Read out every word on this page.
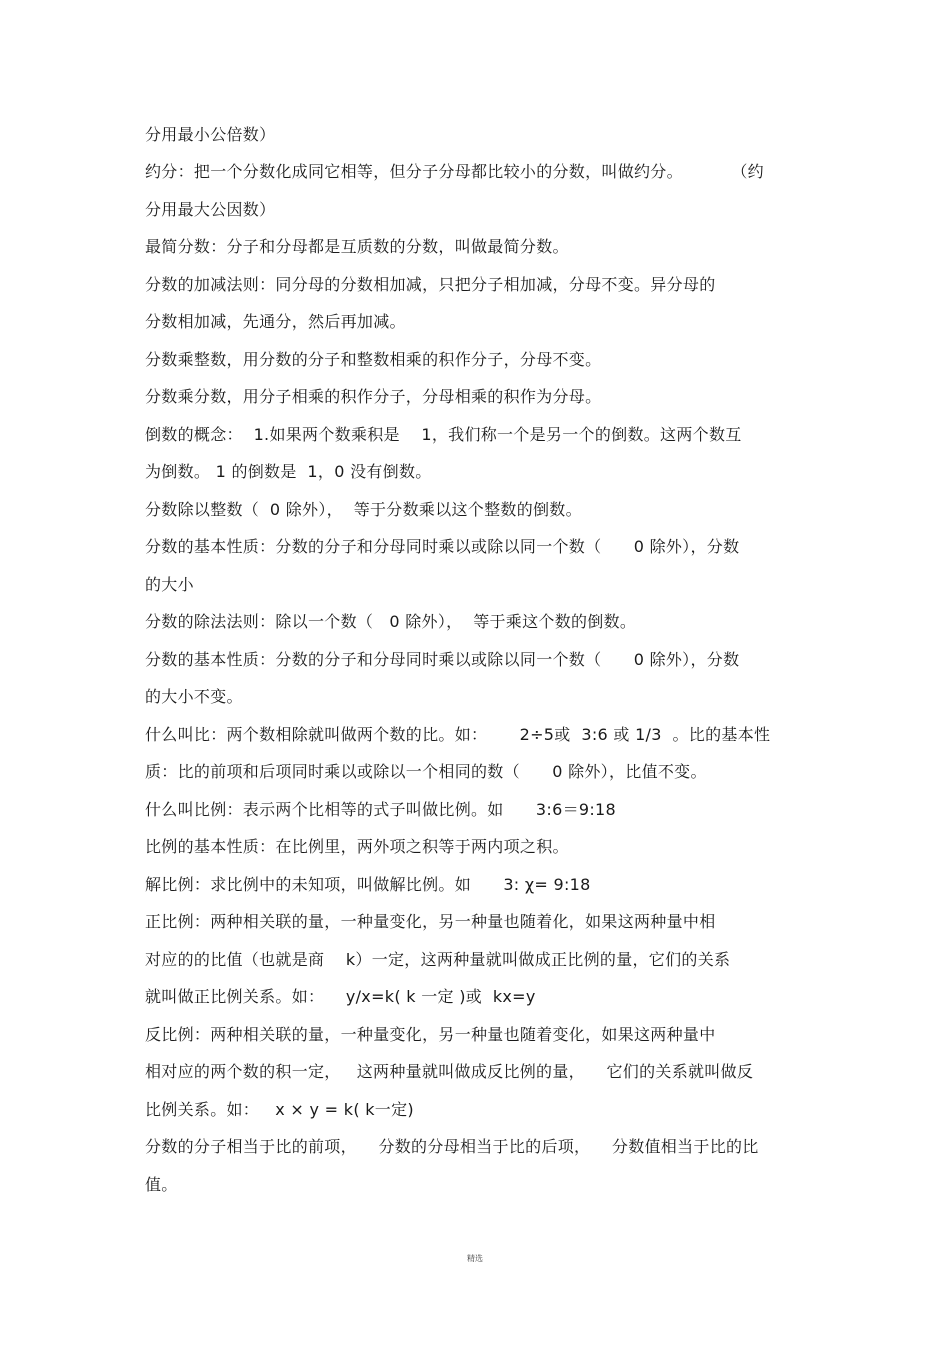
分用最小公倍数）
约分：把一个分数化成同它相等，但分子分母都比较小的分数，叫做约分。         （约
分用最大公因数）
最简分数：分子和分母都是互质数的分数，叫做最简分数。
分数的加减法则：同分母的分数相加减，只把分子相加减，分母不变。异分母的
分数相加减，先通分，然后再加减。
分数乘整数，用分数的分子和整数相乘的积作分子，分母不变。
分数乘分数，用分子相乘的积作分子，分母相乘的积作为分母。
倒数的概念：  1.如果两个数乘积是    1，我们称一个是另一个的倒数。这两个数互
为倒数。 1 的倒数是  1，0 没有倒数。
分数除以整数（  0 除外），  等于分数乘以这个整数的倒数。
分数的基本性质：分数的分子和分母同时乘以或除以同一个数（      0 除外），分数
的大小
分数的除法法则：除以一个数（   0 除外），  等于乘这个数的倒数。
分数的基本性质：分数的分子和分母同时乘以或除以同一个数（      0 除外），分数
的大小不变。
什么叫比：两个数相除就叫做两个数的比。如：      2÷5或  3:6 或 1/3  。比的基本性
质：比的前项和后项同时乘以或除以一个相同的数（      0 除外），比值不变。
什么叫比例：表示两个比相等的式子叫做比例。如      3:6＝9:18
比例的基本性质：在比例里，两外项之积等于两内项之积。
解比例：求比例中的未知项，叫做解比例。如      3: χ= 9:18
正比例：两种相关联的量，一种量变化，另一种量也随着化，如果这两种量中相
对应的的比值（也就是商    k）一定，这两种量就叫做成正比例的量，它们的关系
就叫做正比例关系。如：    y/x=k( k 一定 )或  kx=y
反比例：两种相关联的量，一种量变化，另一种量也随着变化，如果这两种量中
相对应的两个数的积一定，   这两种量就叫做成反比例的量，    它们的关系就叫做反
比例关系。如：   x × y = k( k一定)
分数的分子相当于比的前项，    分数的分母相当于比的后项，    分数值相当于比的比
值。
精选
